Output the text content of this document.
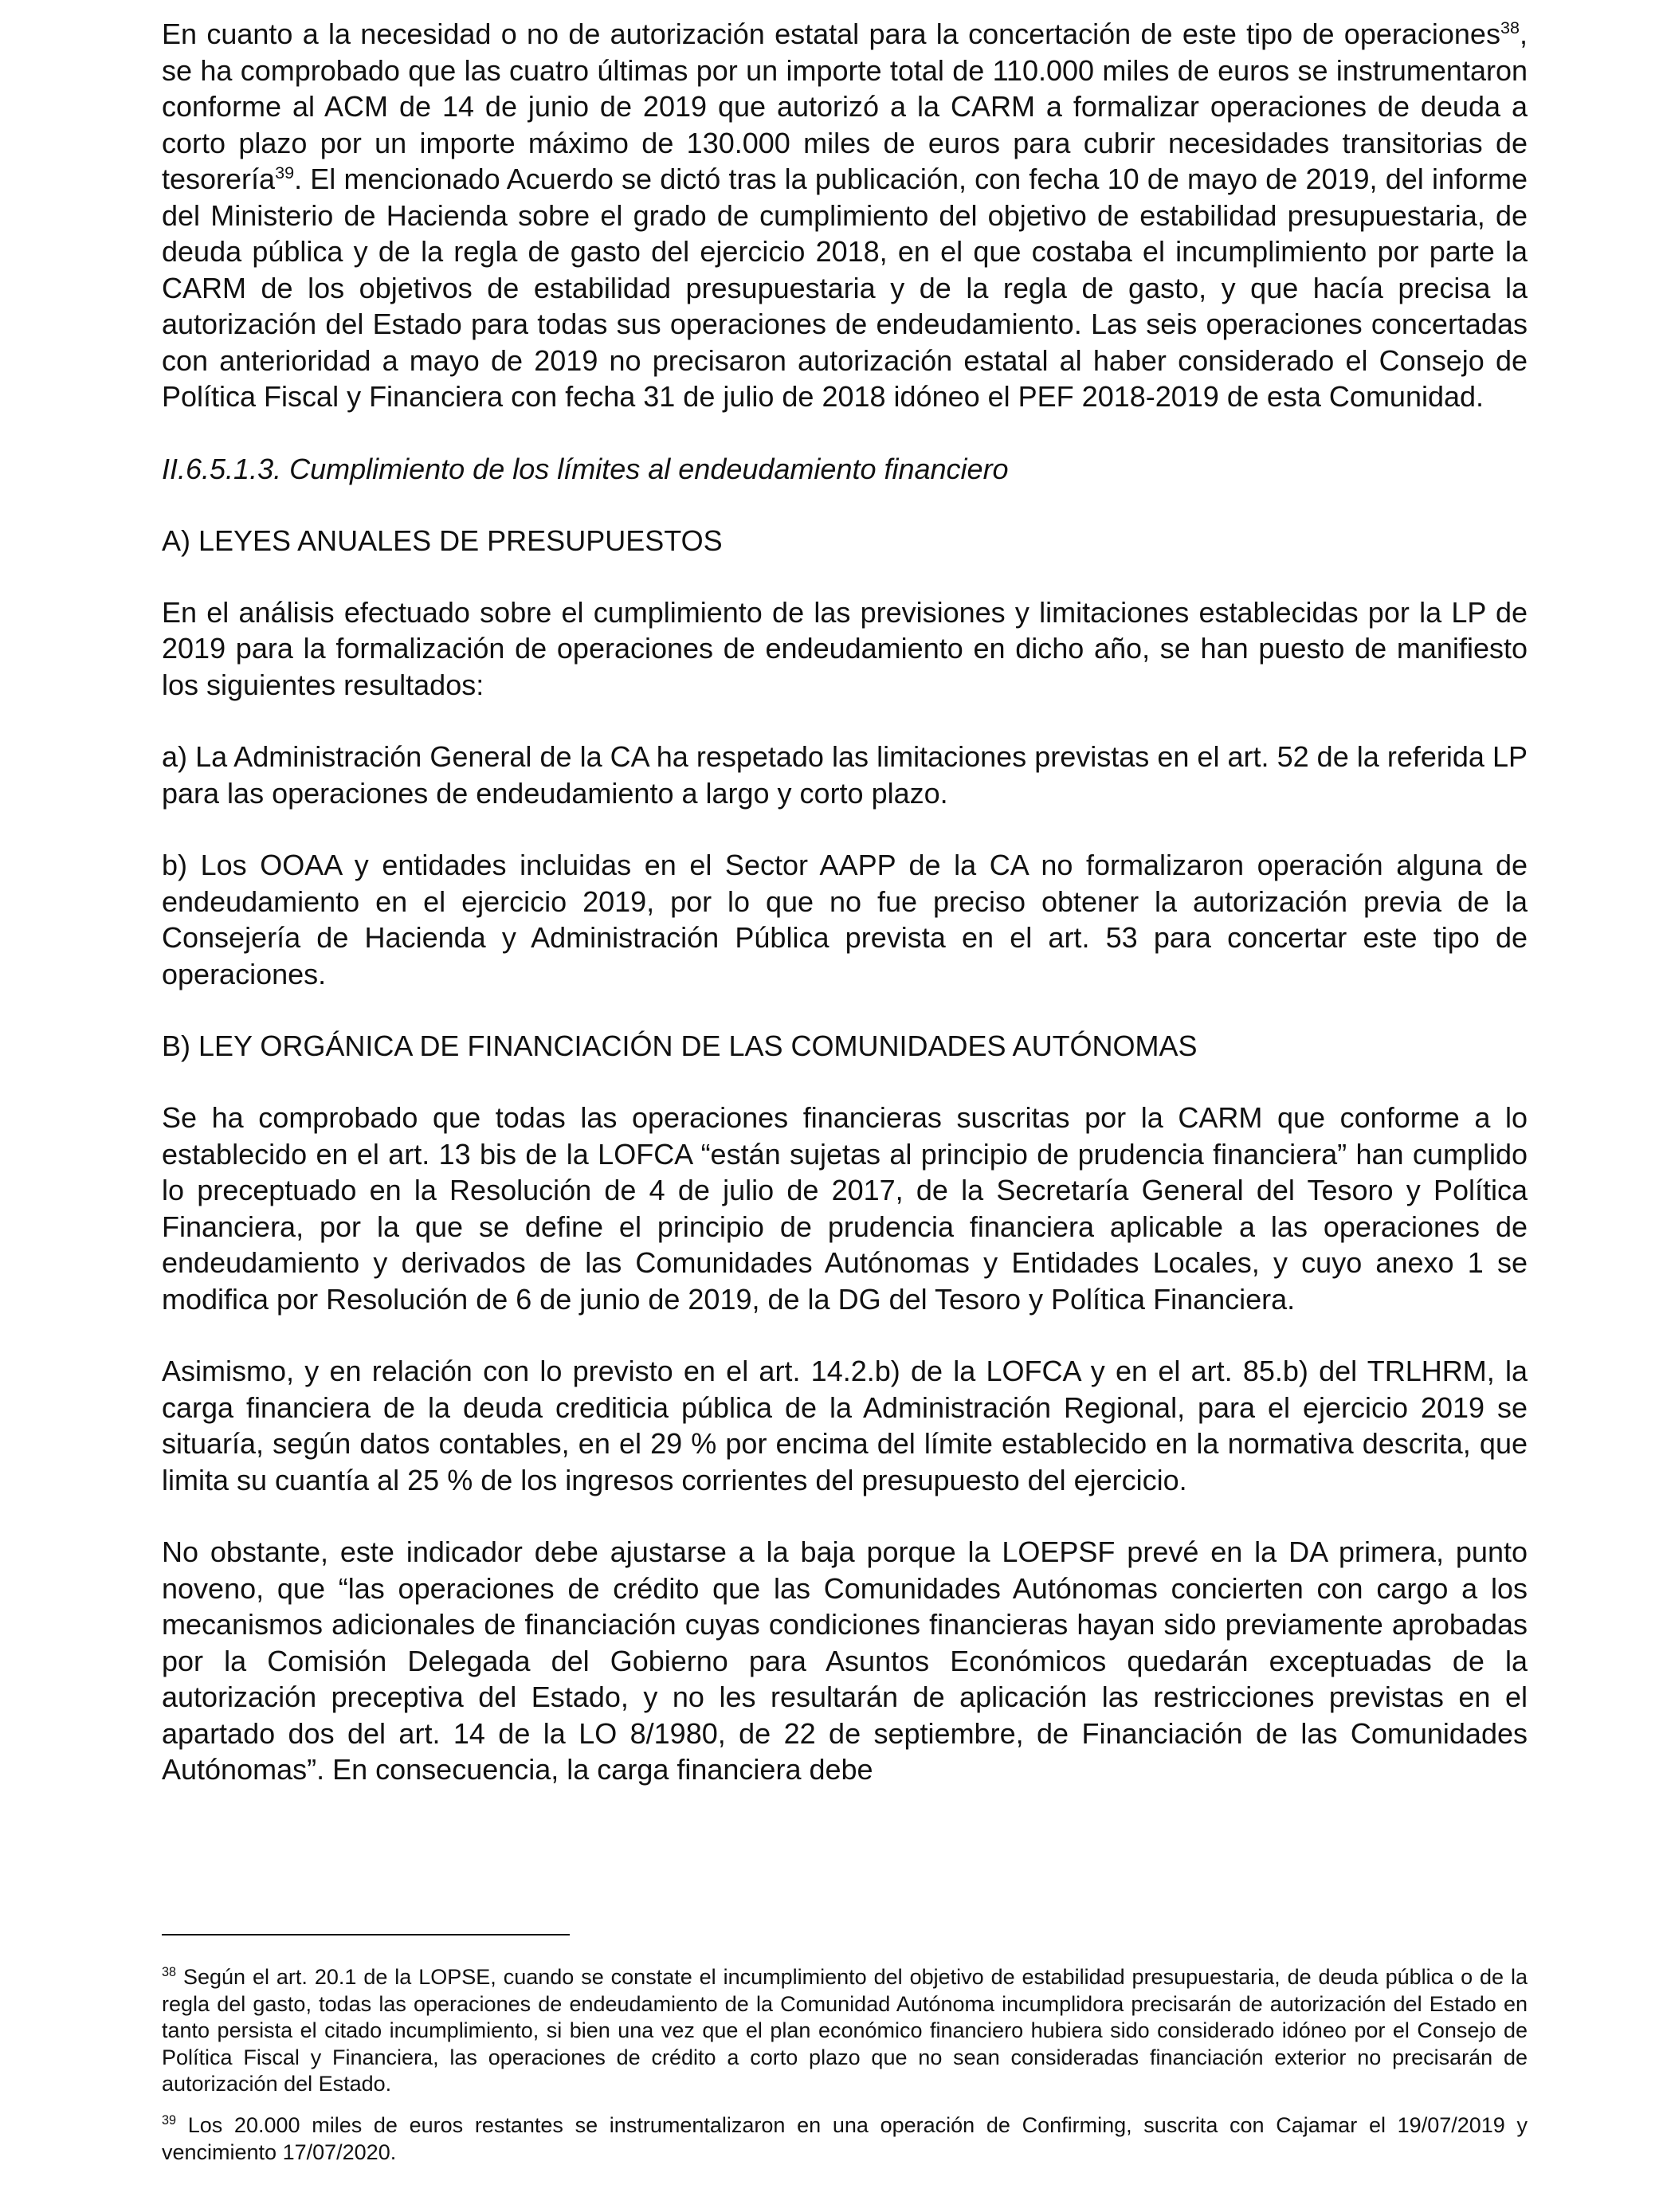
En cuanto a la necesidad o no de autorización estatal para la concertación de este tipo de operaciones$^{38}$, se ha comprobado que las cuatro últimas por un importe total de 110.000 miles de euros se instrumentaron conforme al ACM de 14 de junio de 2019 que autorizó a la CARM a formalizar operaciones de deuda a corto plazo por un importe máximo de 130.000 miles de euros para cubrir necesidades transitorias de tesorería$^{39}$. El mencionado Acuerdo se dictó tras la publicación, con fecha 10 de mayo de 2019, del informe del Ministerio de Hacienda sobre el grado de cumplimiento del objetivo de estabilidad presupuestaria, de deuda pública y de la regla de gasto del ejercicio 2018, en el que costaba el incumplimiento por parte la CARM de los objetivos de estabilidad presupuestaria y de la regla de gasto, y que hacía precisa la autorización del Estado para todas sus operaciones de endeudamiento. Las seis operaciones concertadas con anterioridad a mayo de 2019 no precisaron autorización estatal al haber considerado el Consejo de Política Fiscal y Financiera con fecha 31 de julio de 2018 idóneo el PEF 2018-2019 de esta Comunidad.

II.6.5.1.3. Cumplimiento de los límites al endeudamiento financiero

A) LEYES ANUALES DE PRESUPUESTOS

En el análisis efectuado sobre el cumplimiento de las previsiones y limitaciones establecidas por la LP de 2019 para la formalización de operaciones de endeudamiento en dicho año, se han puesto de manifiesto los siguientes resultados:

a) La Administración General de la CA ha respetado las limitaciones previstas en el art. 52 de la referida LP para las operaciones de endeudamiento a largo y corto plazo.

b) Los OOAA y entidades incluidas en el Sector AAPP de la CA no formalizaron operación alguna de endeudamiento en el ejercicio 2019, por lo que no fue preciso obtener la autorización previa de la Consejería de Hacienda y Administración Pública prevista en el art. 53 para concertar este tipo de operaciones.

B) LEY ORGÁNICA DE FINANCIACIÓN DE LAS COMUNIDADES AUTÓNOMAS

Se ha comprobado que todas las operaciones financieras suscritas por la CARM que conforme a lo establecido en el art. 13 bis de la LOFCA “están sujetas al principio de prudencia financiera” han cumplido lo preceptuado en la Resolución de 4 de julio de 2017, de la Secretaría General del Tesoro y Política Financiera, por la que se define el principio de prudencia financiera aplicable a las operaciones de endeudamiento y derivados de las Comunidades Autónomas y Entidades Locales, y cuyo anexo 1 se modifica por Resolución de 6 de junio de 2019, de la DG del Tesoro y Política Financiera.

Asimismo, y en relación con lo previsto en el art. 14.2.b) de la LOFCA y en el art. 85.b) del TRLHRM, la carga financiera de la deuda crediticia pública de la Administración Regional, para el ejercicio 2019 se situaría, según datos contables, en el 29 % por encima del límite establecido en la normativa descrita, que limita su cuantía al 25 % de los ingresos corrientes del presupuesto del ejercicio.

No obstante, este indicador debe ajustarse a la baja porque la LOEPSF prevé en la DA primera, punto noveno, que “las operaciones de crédito que las Comunidades Autónomas concierten con cargo a los mecanismos adicionales de financiación cuyas condiciones financieras hayan sido previamente aprobadas por la Comisión Delegada del Gobierno para Asuntos Económicos quedarán exceptuadas de la autorización preceptiva del Estado, y no les resultarán de aplicación las restricciones previstas en el apartado dos del art. 14 de la LO 8/1980, de 22 de septiembre, de Financiación de las Comunidades Autónomas”. En consecuencia, la carga financiera debe

$^{38}$ Según el art. 20.1 de la LOPSE, cuando se constate el incumplimiento del objetivo de estabilidad presupuestaria, de deuda pública o de la regla del gasto, todas las operaciones de endeudamiento de la Comunidad Autónoma incumplidora precisarán de autorización del Estado en tanto persista el citado incumplimiento, si bien una vez que el plan económico financiero hubiera sido considerado idóneo por el Consejo de Política Fiscal y Financiera, las operaciones de crédito a corto plazo que no sean consideradas financiación exterior no precisarán de autorización del Estado.

$^{39}$ Los 20.000 miles de euros restantes se instrumentalizaron en una operación de Confirming, suscrita con Cajamar el 19/07/2019 y vencimiento 17/07/2020.
